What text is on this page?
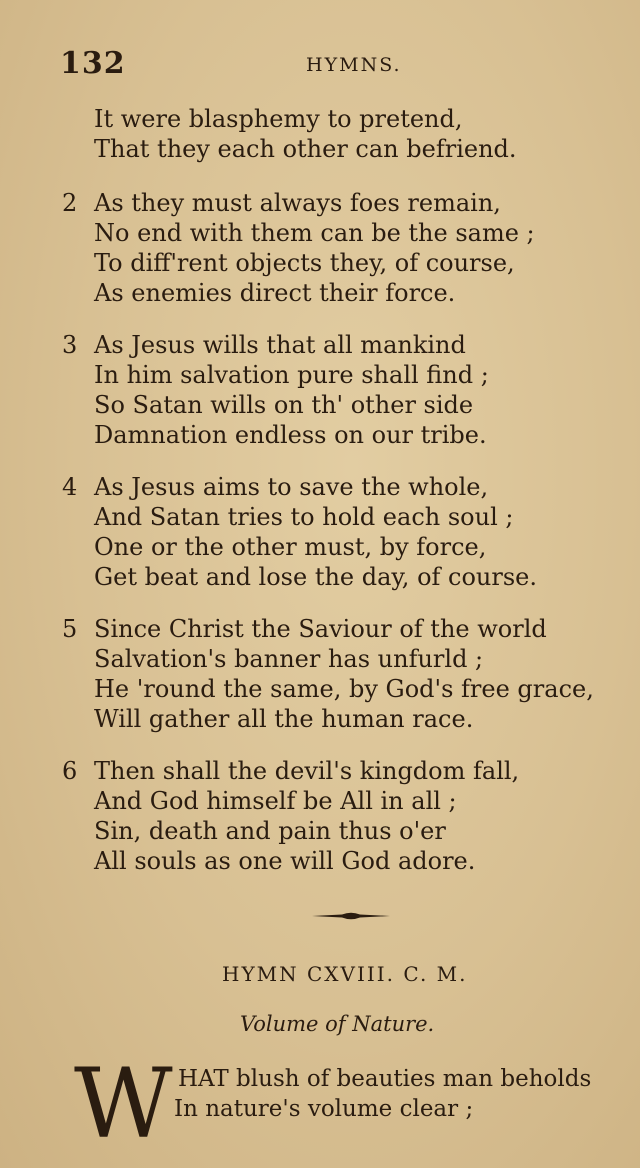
132	HYMNS.
It were blasphemy to pretend,
That they each other can befriend.
2 As they must always foes remain,
No end with them can be the same ;
To diff'rent objects they, of course,
As enemies direct their force.
3 As Jesus wills that all mankind
In him salvation pure shall find ;
So Satan wills on th' other side
Damnation endless on our tribe.
4 As Jesus aims to save the whole,
And Satan tries to hold each soul ;
One or the other must, by force,
Get beat and lose the day, of course.
5 Since Christ the Saviour of the world
Salvation's banner has unfurld ;
He 'round the same, by God's free grace,
Will gather all the human race.
6 Then shall the devil's kingdom fall,
And God himself be All in all ;
Sin, death and pain thus o'er
All souls as one will God adore.
HYMN CXVIII. C. M.
Volume of Nature.
W HAT blush of beauties man beholds
In nature's volume clear ;
